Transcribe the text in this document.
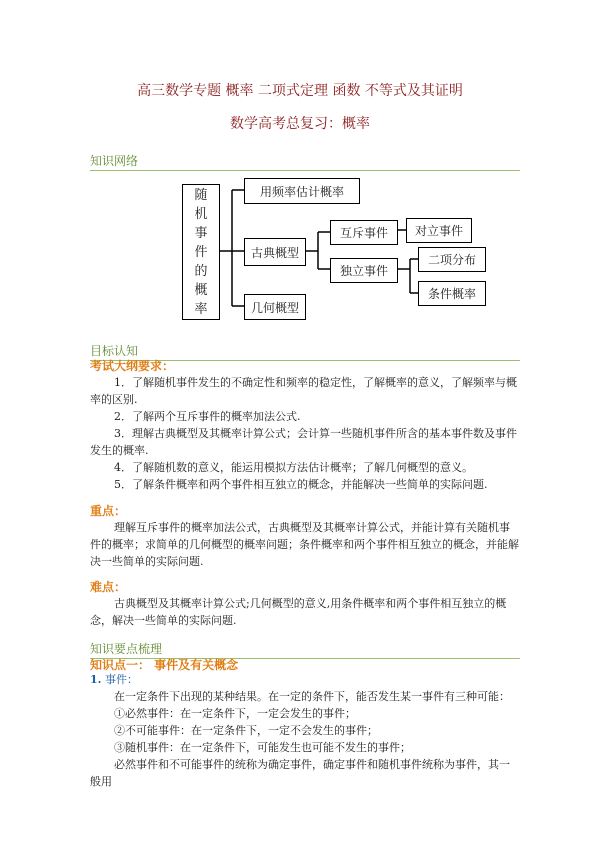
高三数学专题 概率 二项式定理 函数 不等式及其证明
数学高考总复习：概率
知识网络
随机事件的概率
用频率估计概率
古典概型
几何概型
互斥事件
独立事件
对立事件
二项分布
条件概率
目标认知
考试大纲要求：
1．了解随机事件发生的不确定性和频率的稳定性，了解概率的意义，了解频率与概率的区别.
2．了解两个互斥事件的概率加法公式.
3．理解古典概型及其概率计算公式；会计算一些随机事件所含的基本事件数及事件发生的概率.
4．了解随机数的意义，能运用模拟方法估计概率；了解几何概型的意义。
5．了解条件概率和两个事件相互独立的概念，并能解决一些简单的实际问题.
重点：
理解互斥事件的概率加法公式，古典概型及其概率计算公式，并能计算有关随机事件的概率；求简单的几何概型的概率问题；条件概率和两个事件相互独立的概念，并能解决一些简单的实际问题.
难点：
古典概型及其概率计算公式;几何概型的意义,用条件概率和两个事件相互独立的概念，解决一些简单的实际问题.
知识要点梳理
知识点一： 事件及有关概念
1. 事件：
在一定条件下出现的某种结果。在一定的条件下，能否发生某一事件有三种可能：
①必然事件：在一定条件下，一定会发生的事件；
②不可能事件：在一定条件下，一定不会发生的事件；
③随机事件：在一定条件下，可能发生也可能不发生的事件；
必然事件和不可能事件的统称为确定事件，确定事件和随机事件统称为事件，其一般用
